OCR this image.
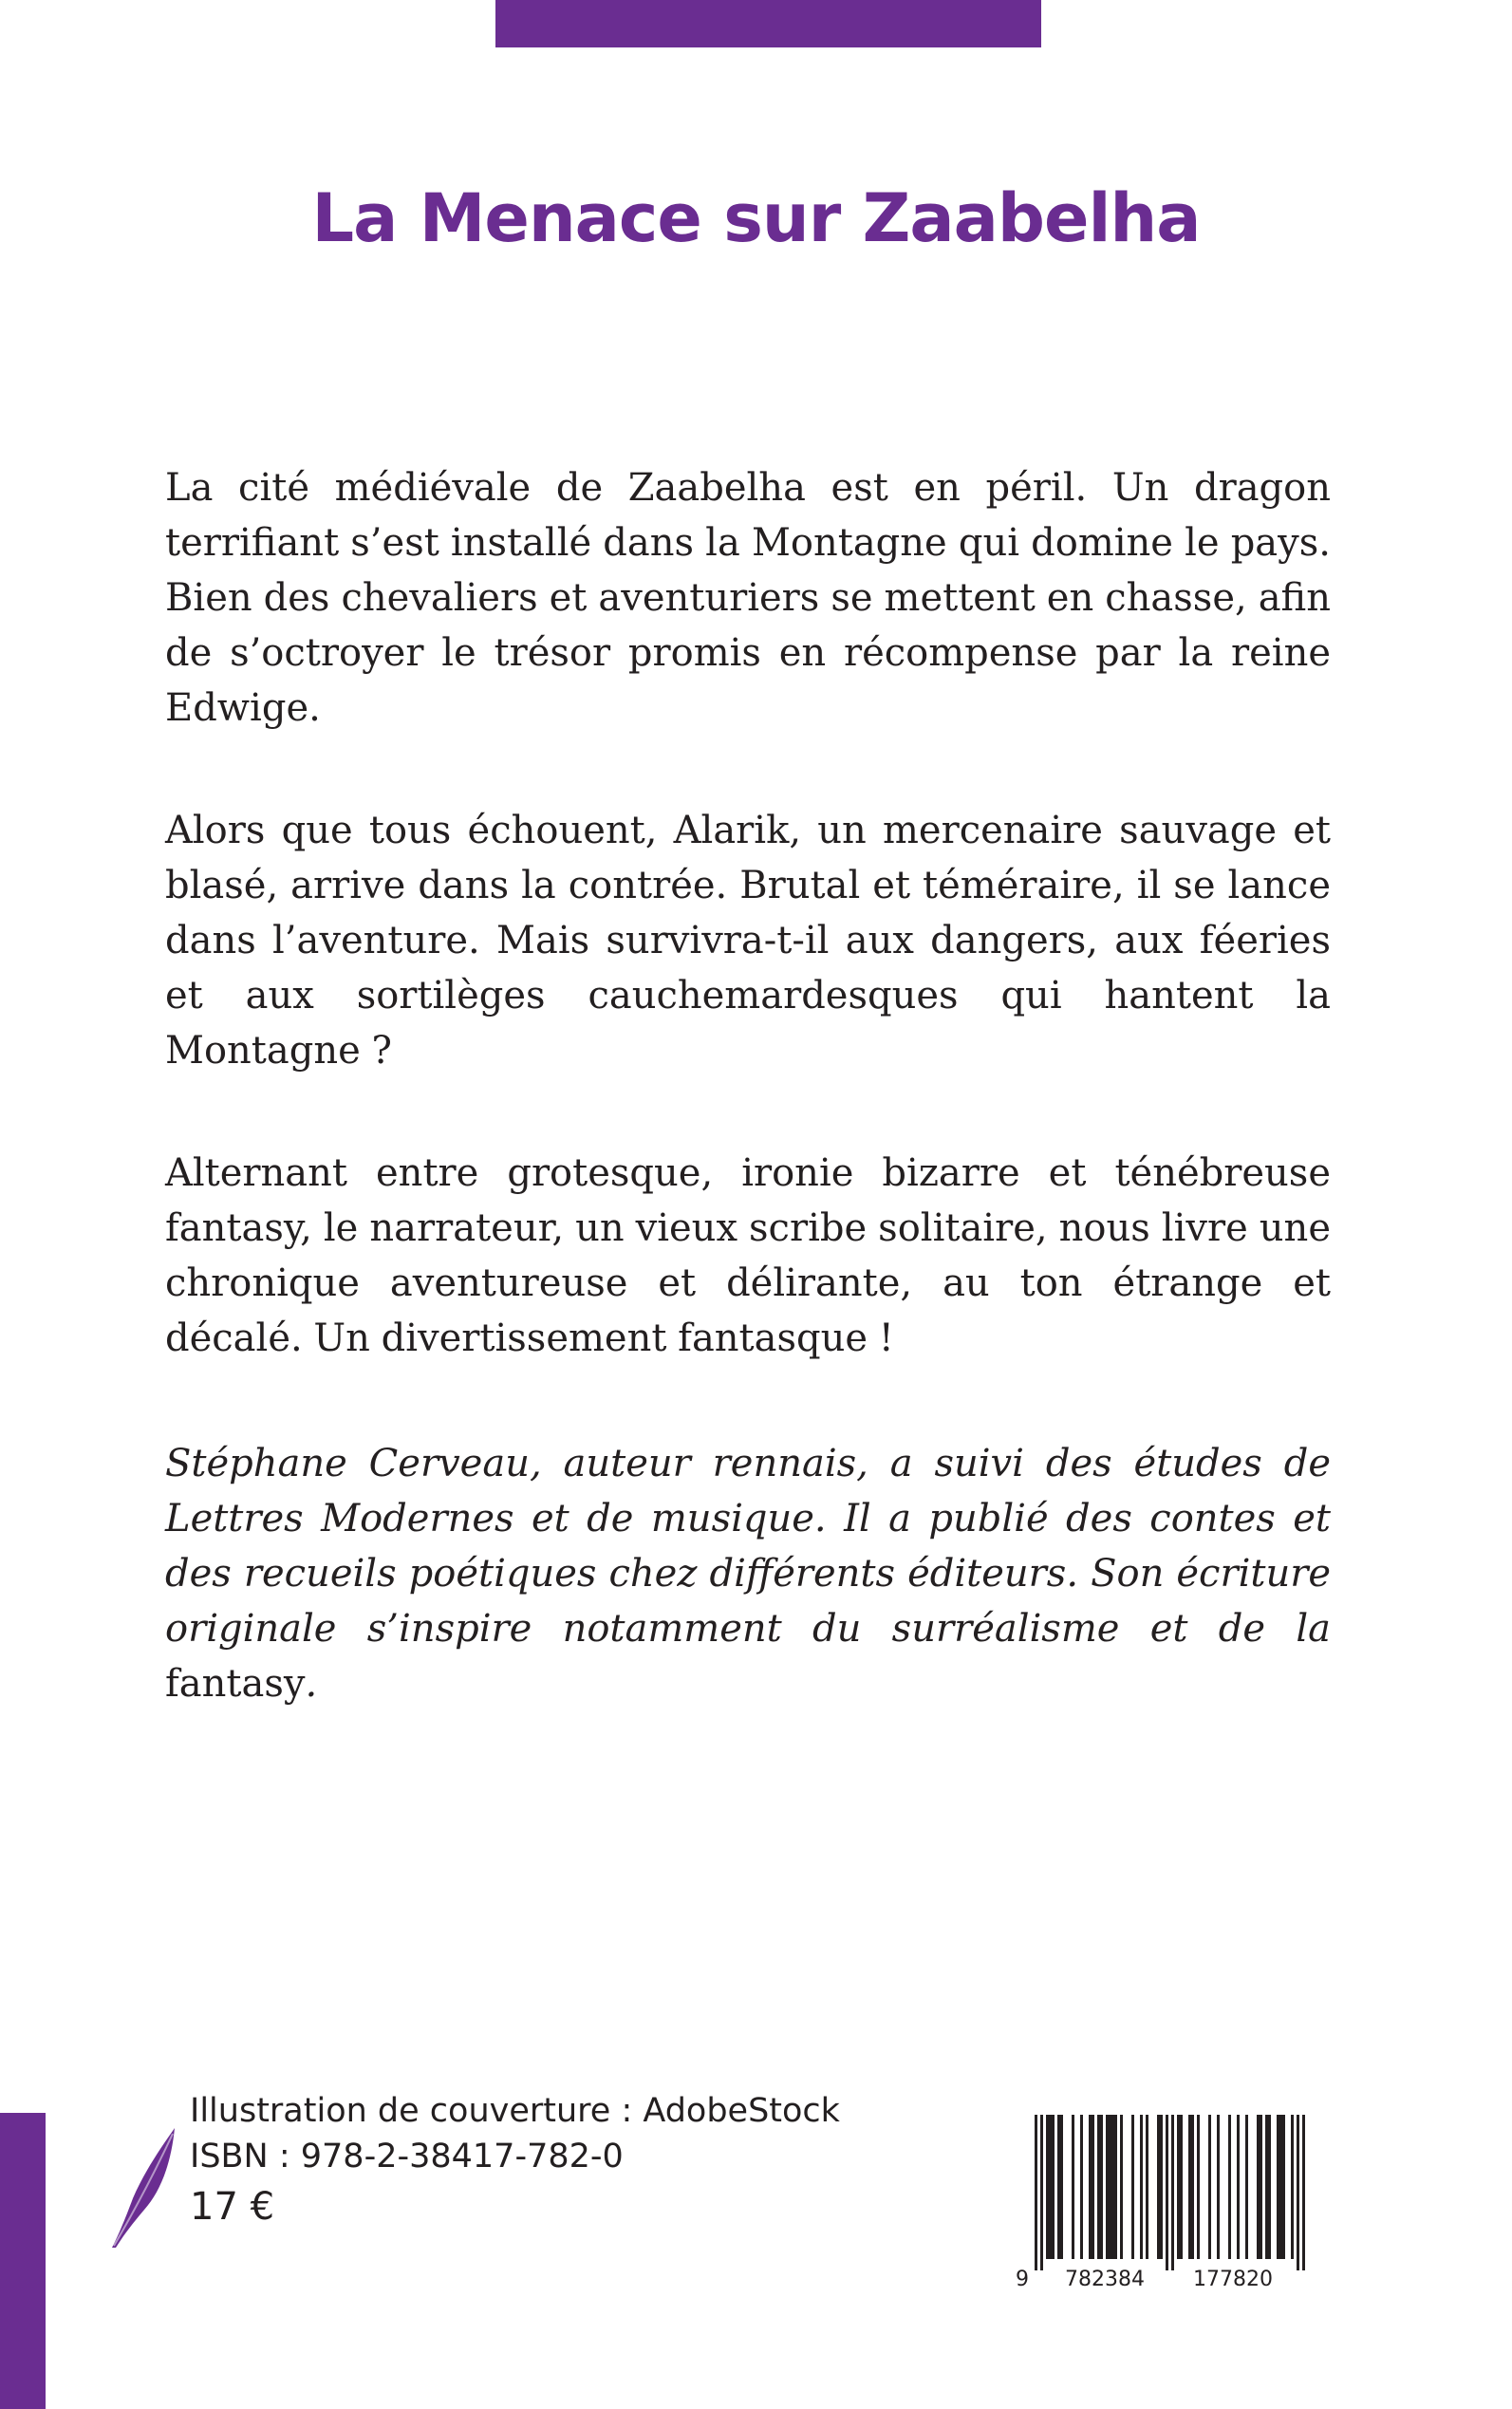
La Menace sur Zaabelha

La cité médiévale de Zaabelha est en péril. Un dragon terrifiant s’est installé dans la Montagne qui domine le pays. Bien des chevaliers et aventuriers se mettent en chasse, afin de s’octroyer le trésor promis en récompense par la reine Edwige.

Alors que tous échouent, Alarik, un mercenaire sauvage et blasé, arrive dans la contrée. Brutal et téméraire, il se lance dans l’aventure. Mais survivra-t-il aux dangers, aux féeries et aux sortilèges cauchemardesques qui hantent la Montagne ?

Alternant entre grotesque, ironie bizarre et ténébreuse fantasy, le narrateur, un vieux scribe solitaire, nous livre une chronique aventureuse et délirante, au ton étrange et décalé. Un divertissement fantasque !

Stéphane Cerveau, auteur rennais, a suivi des études de Lettres Modernes et de musique. Il a publié des contes et des recueils poétiques chez différents éditeurs. Son écriture originale s’inspire notamment du surréalisme et de la fantasy.

Illustration de couverture : AdobeStock
ISBN : 978-2-38417-782-0
17 €
9 782384 177820
